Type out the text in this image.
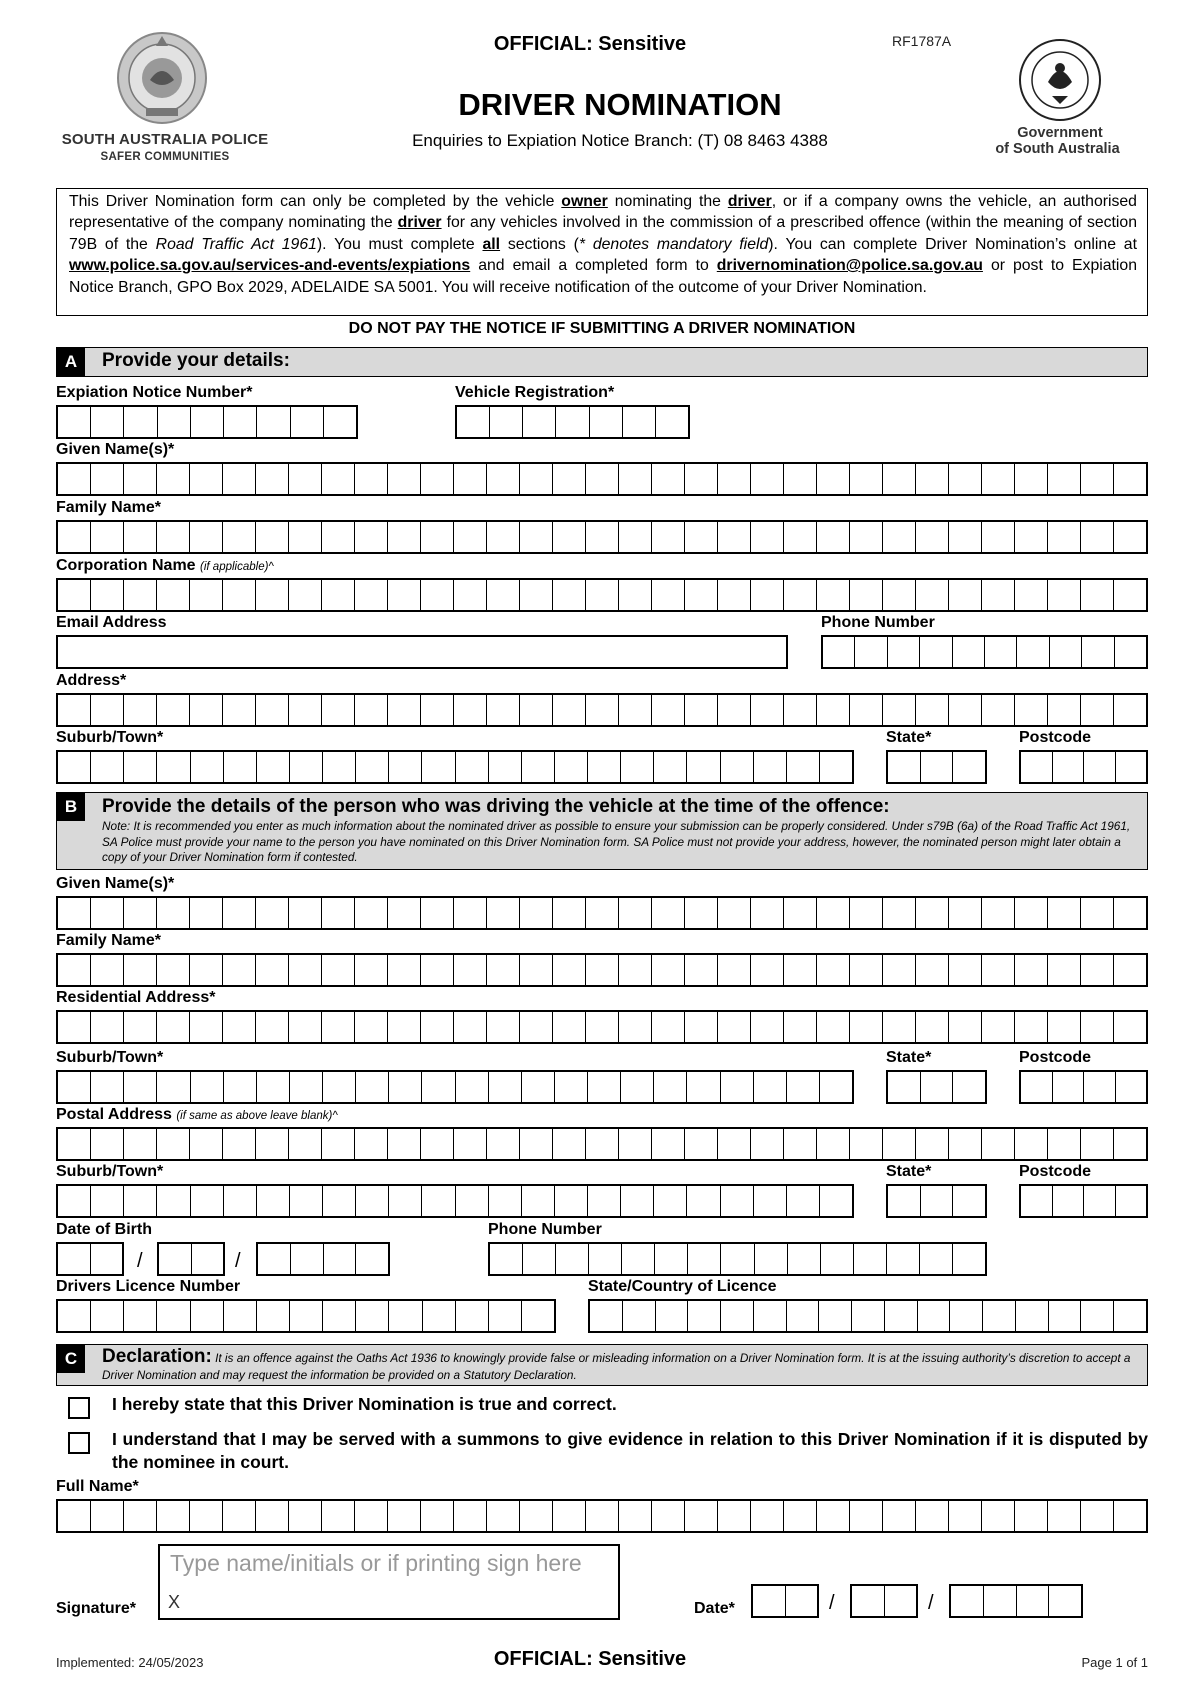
SOUTH AUSTRALIA POLICE
SAFER COMMUNITIES
OFFICIAL: Sensitive	RF1787A
DRIVER NOMINATION
Enquiries to Expiation Notice Branch: (T) 08 8463 4388	Government
of South Australia
This Driver Nomination form can only be completed by the vehicle owner nominating the driver, or if a company owns the vehicle, an authorised representative of the company nominating the driver for any vehicles involved in the commission of a prescribed offence (within the meaning of section 79B of the Road Traffic Act 1961). You must complete all sections (* denotes mandatory field). You can complete Driver Nomination’s online at www.police.sa.gov.au/services-and-events/expiations and email a completed form to drivernomination@police.sa.gov.au or post to Expiation Notice Branch, GPO Box 2029, ADELAIDE SA 5001. You will receive notification of the outcome of your Driver Nomination.
DO NOT PAY THE NOTICE IF SUBMITTING A DRIVER NOMINATION
A	Provide your details:
Expiation Notice Number*	Vehicle Registration*
Given Name(s)*
Family Name*
Corporation Name (if applicable)^
Email Address	Phone Number
Address*
Suburb/Town*	State*	Postcode
B	Provide the details of the person who was driving the vehicle at the time of the offence:
Note: It is recommended you enter as much information about the nominated driver as possible to ensure your submission can be properly considered. Under s79B (6a) of the Road Traffic Act 1961, SA Police must provide your name to the person you have nominated on this Driver Nomination form. SA Police must not provide your address, however, the nominated person might later obtain a copy of your Driver Nomination form if contested.
Given Name(s)*
Family Name*
Residential Address*
Suburb/Town*	State*	Postcode
Postal Address (if same as above leave blank)^
Suburb/Town*	State*	Postcode
Date of Birth
/	/
Phone Number
Drivers Licence Number	State/Country of Licence
C	Declaration: It is an offence against the Oaths Act 1936 to knowingly provide false or misleading information on a Driver Nomination form. It is at the issuing authority’s discretion to accept a Driver Nomination and may request the information be provided on a Statutory Declaration.
I hereby state that this Driver Nomination is true and correct.
I understand that I may be served with a summons to give evidence in relation to this Driver Nomination if it is disputed by the nominee in court.
Full Name*
Signature*
Type name/initials or if printing sign here
X	Date*	/	/
Implemented: 24/05/2023	OFFICIAL: Sensitive	Page 1 of 1
